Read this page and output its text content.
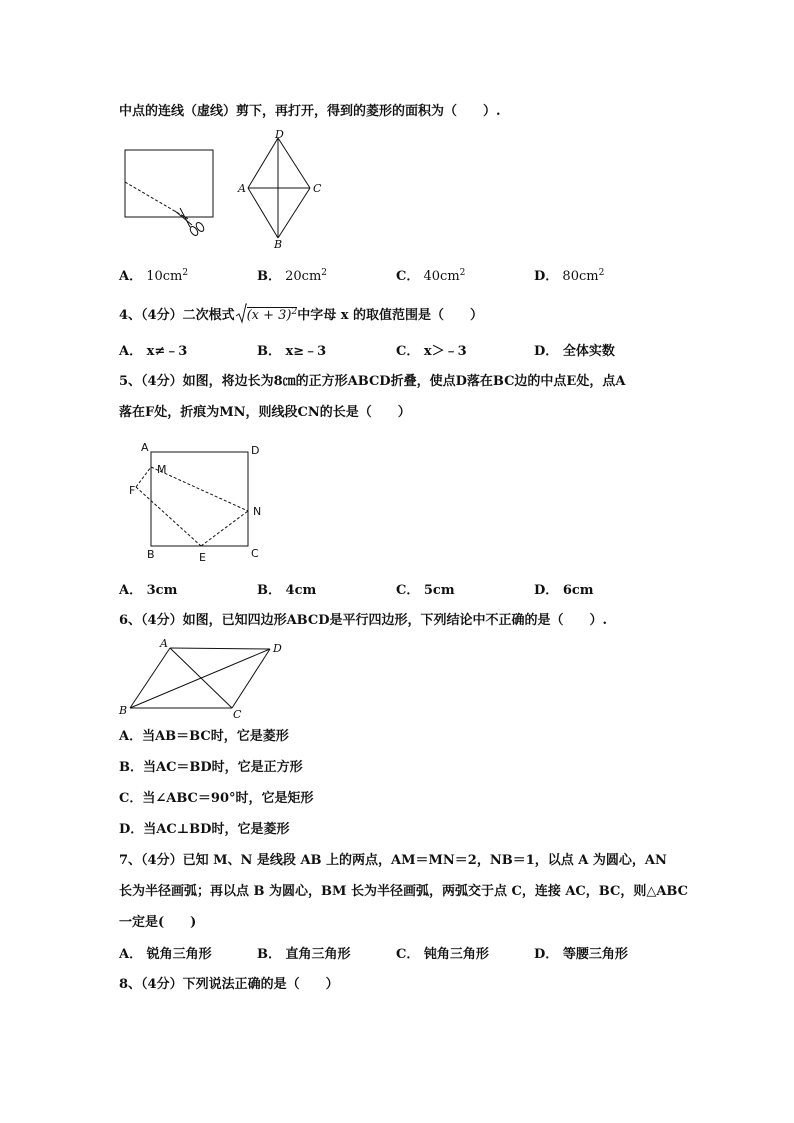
中点的连线（虚线）剪下，再打开，得到的菱形的面积为（　　）.
D
A	C
B
A． $10cm^2$	B． $20cm^2$	C． $40cm^2$	D． $80cm^2$
4、（4分）二次根式 $(x + 3)^2$中字母 x 的取值范围是（　　）
A． x≠﹣3	B． x≥﹣3	C． x＞﹣3	D． 全体实数
5、（4分）如图，将边长为8㎝的正方形ABCD折叠，使点D落在BC边的中点E处，点A
落在F处，折痕为MN，则线段CN的长是（　　）
A	D
M
F
N
B	E	C
A． 3cm	B． 4cm	C． 5cm	D． 6cm
6、（4分）如图，已知四边形ABCD是平行四边形，下列结论中不正确的是（　　）.
A	D
B	C
A．当AB＝BC时，它是菱形
B．当AC＝BD时，它是正方形
C．当∠ABC＝90°时，它是矩形
D．当AC⊥BD时，它是菱形
7、（4分）已知 M、N 是线段 AB 上的两点，AM＝MN＝2，NB＝1，以点 A 为圆心，AN
长为半径画弧；再以点 B 为圆心，BM 长为半径画弧，两弧交于点 C，连接 AC，BC，则△ABC
一定是(　　)
A． 锐角三角形	B． 直角三角形	C． 钝角三角形	D． 等腰三角形
8、（4分）下列说法正确的是（　　）
